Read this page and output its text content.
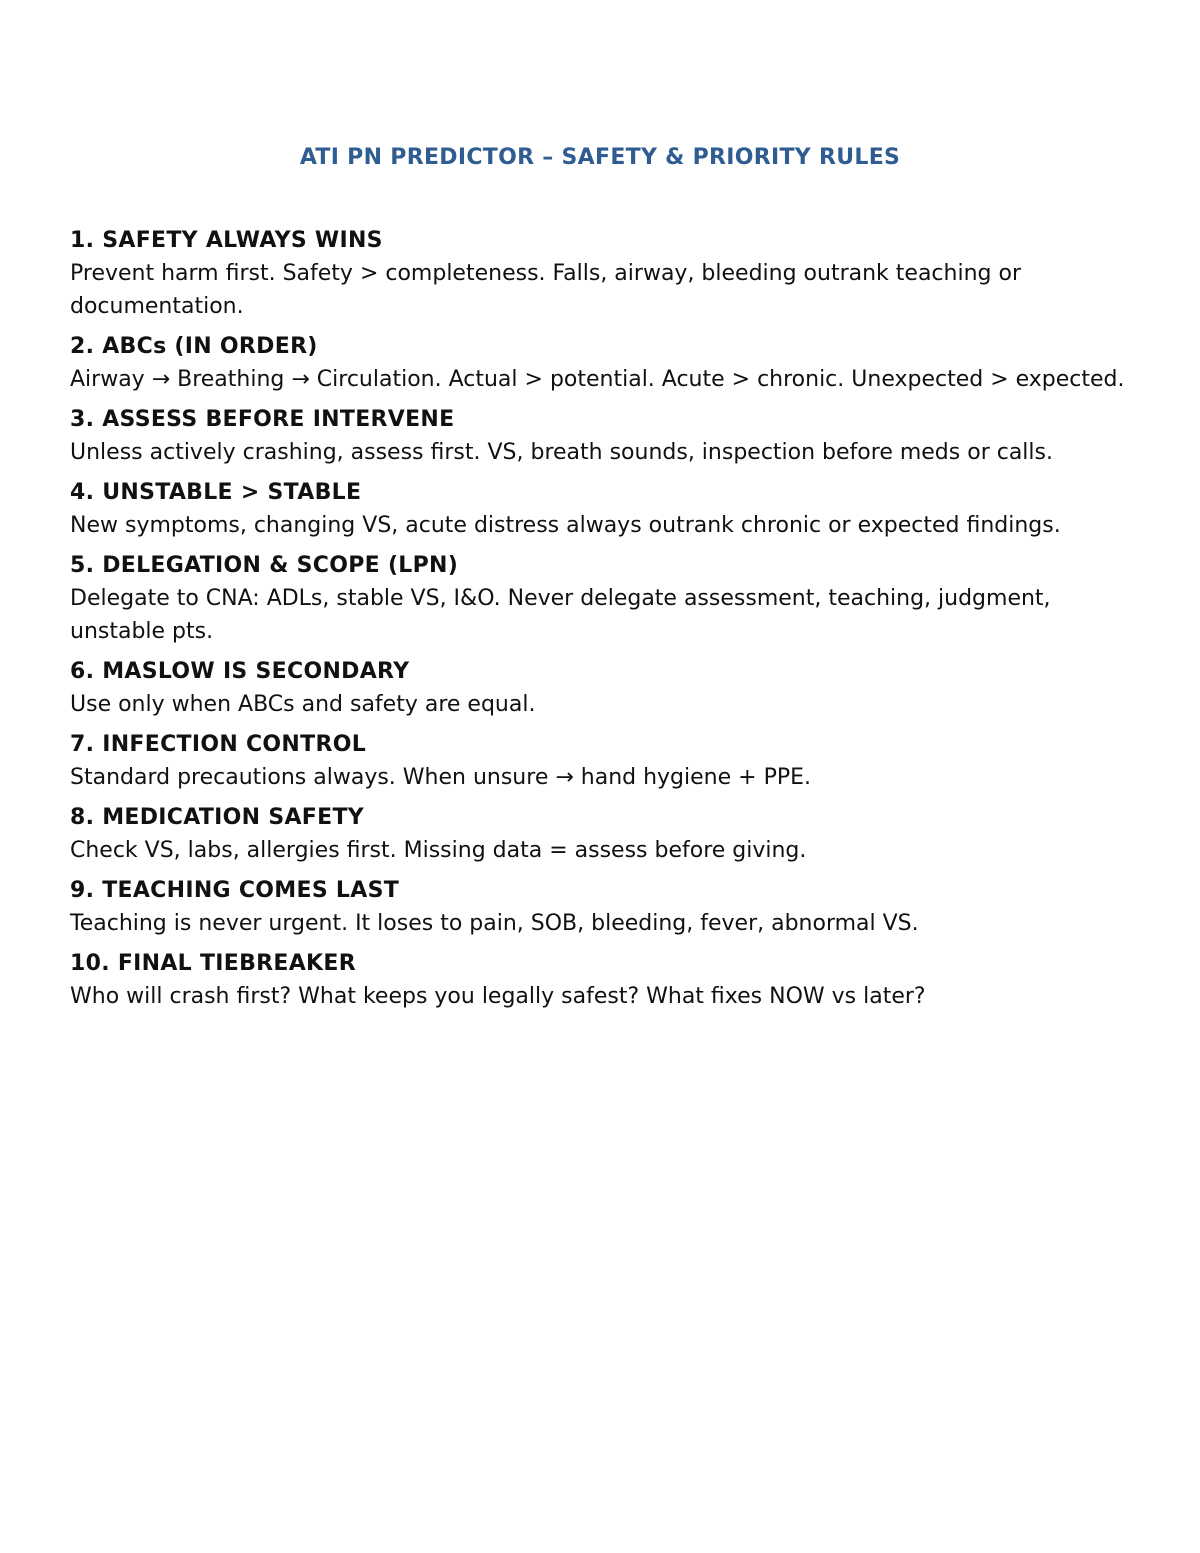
ATI PN PREDICTOR – SAFETY & PRIORITY RULES

1. SAFETY ALWAYS WINS

Prevent harm first. Safety > completeness. Falls, airway, bleeding outrank teaching or documentation.

2. ABCs (IN ORDER)

Airway → Breathing → Circulation. Actual > potential. Acute > chronic. Unexpected > expected.

3. ASSESS BEFORE INTERVENE

Unless actively crashing, assess first. VS, breath sounds, inspection before meds or calls.

4. UNSTABLE > STABLE

New symptoms, changing VS, acute distress always outrank chronic or expected findings.

5. DELEGATION & SCOPE (LPN)

Delegate to CNA: ADLs, stable VS, I&O. Never delegate assessment, teaching, judgment, unstable pts.

6. MASLOW IS SECONDARY

Use only when ABCs and safety are equal.

7. INFECTION CONTROL

Standard precautions always. When unsure → hand hygiene + PPE.

8. MEDICATION SAFETY

Check VS, labs, allergies first. Missing data = assess before giving.

9. TEACHING COMES LAST

Teaching is never urgent. It loses to pain, SOB, bleeding, fever, abnormal VS.

10. FINAL TIEBREAKER

Who will crash first? What keeps you legally safest? What fixes NOW vs later?
